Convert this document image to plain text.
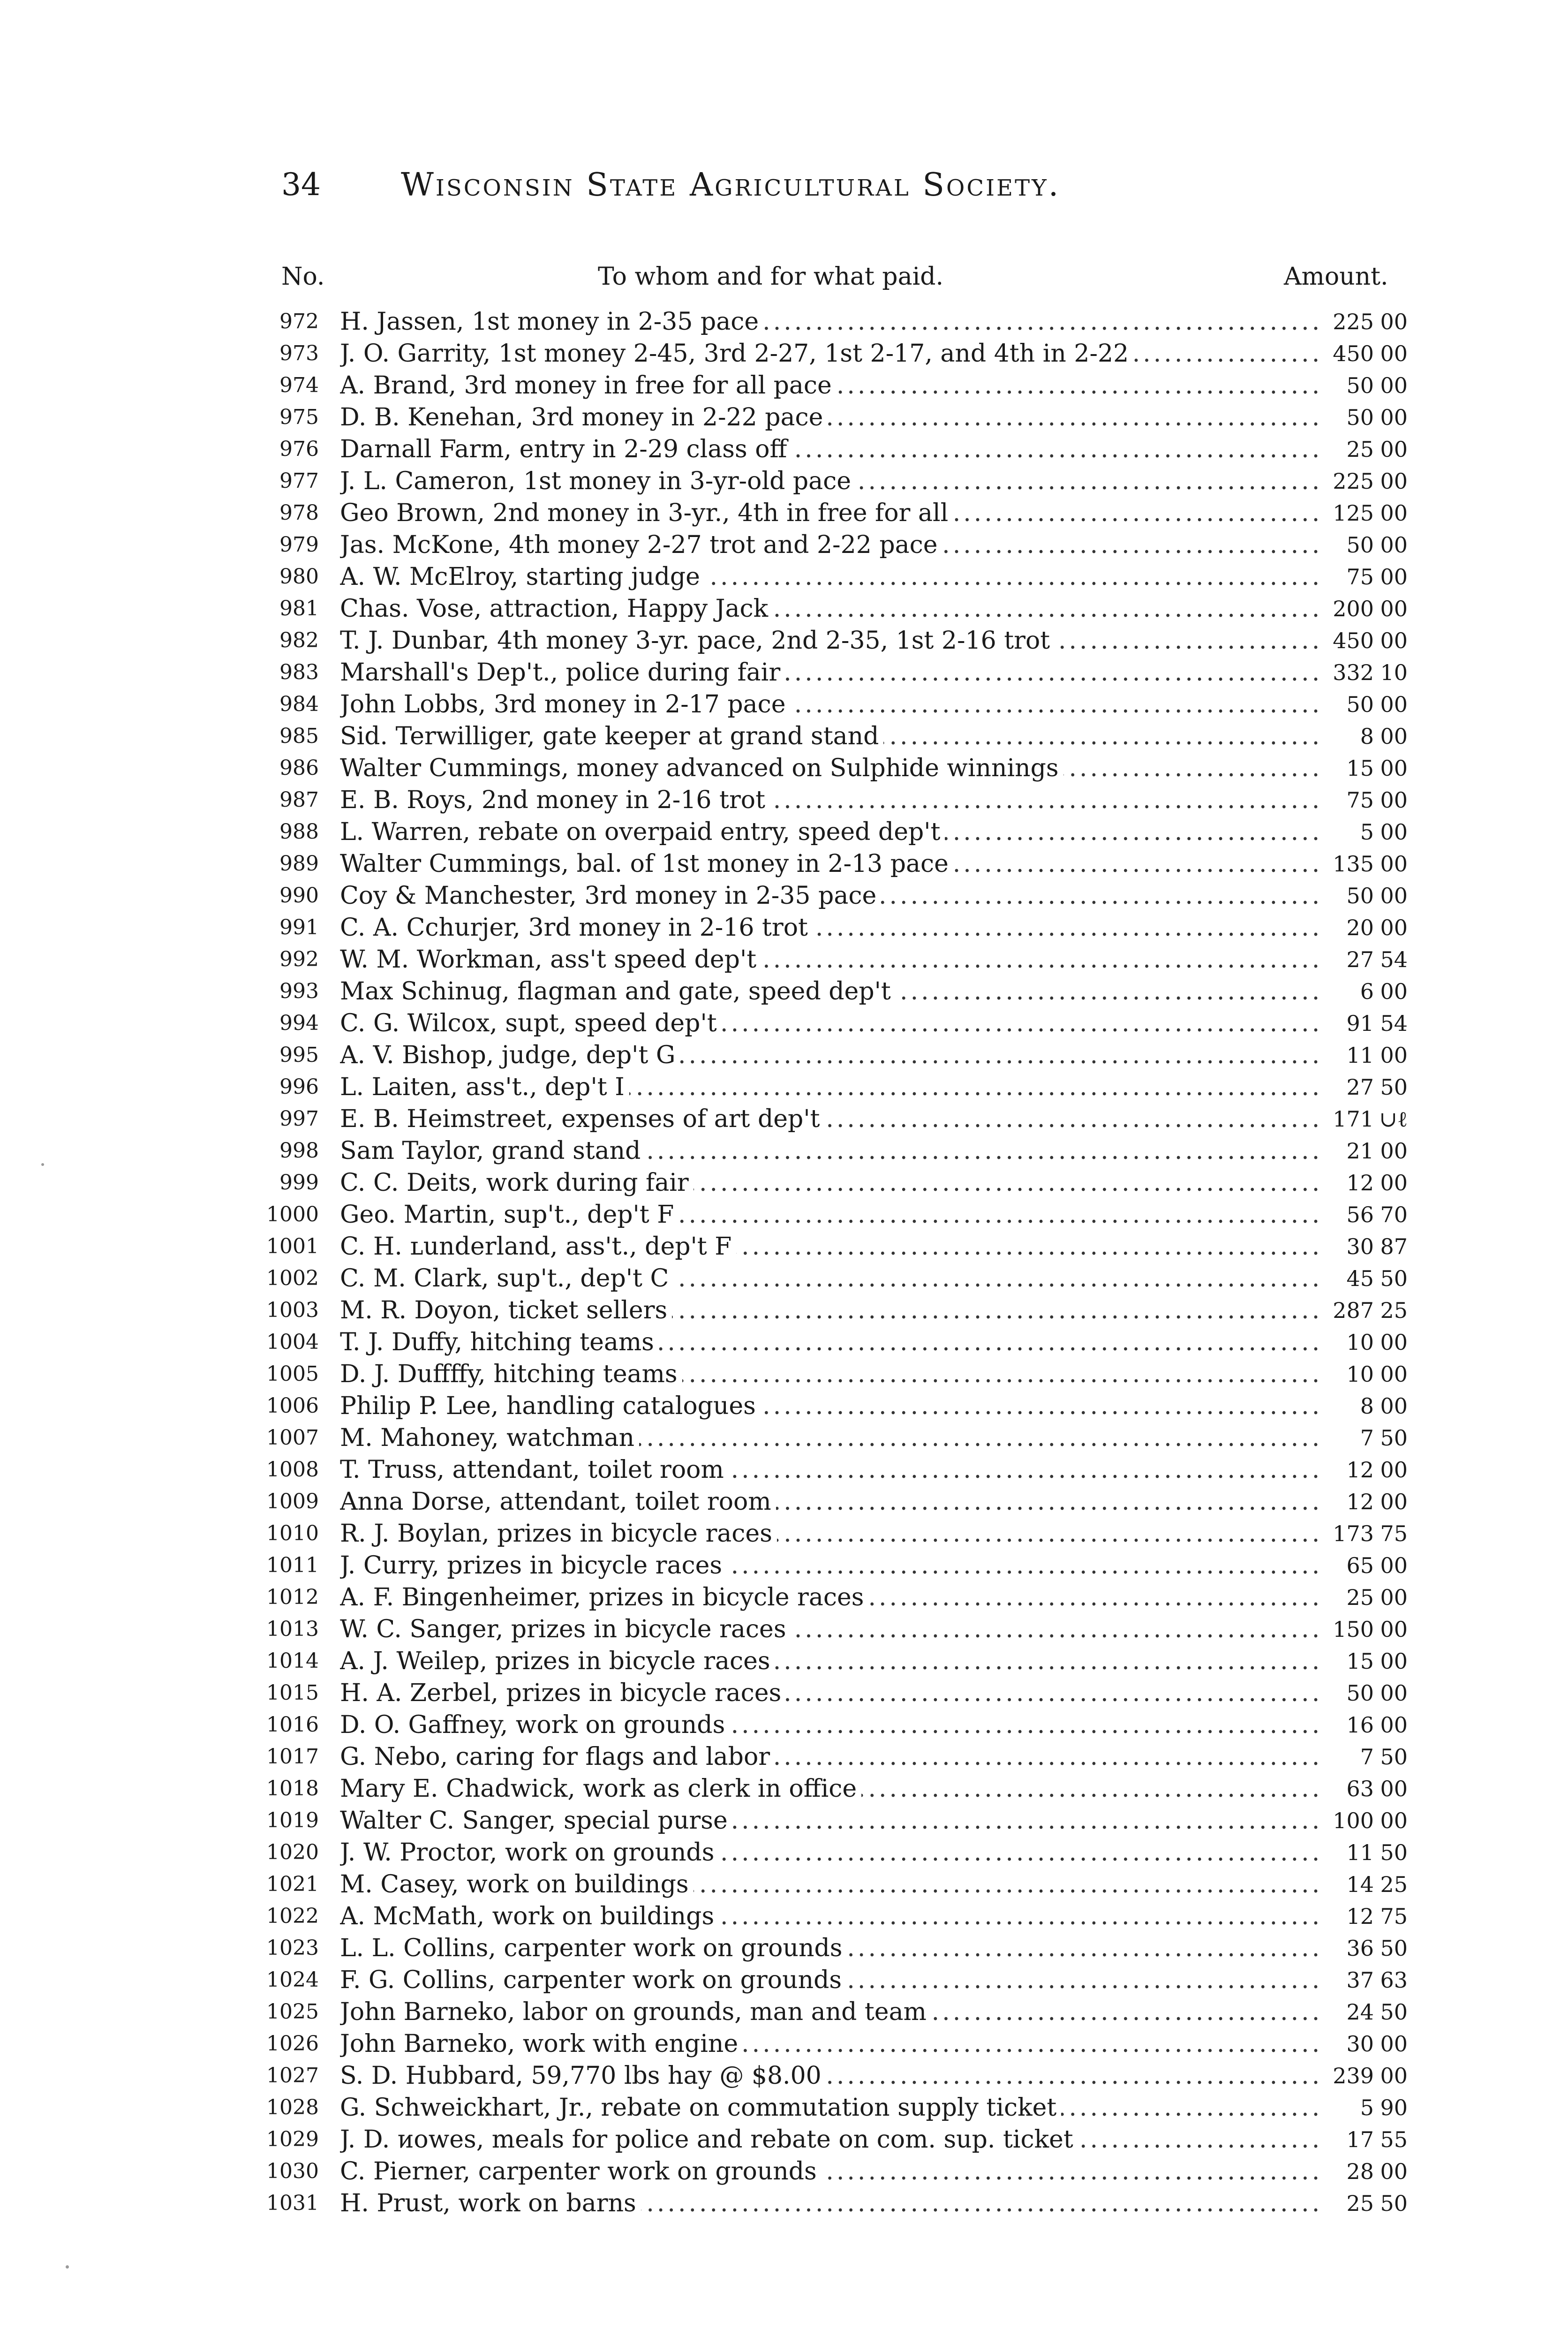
34	Wisconsin State Agricultural Society.
No.	To whom and for what paid.	Amount.
972 H. Jassen, 1st money in 2-35 pace .....	225 00
973 J. O. Garrity, 1st money 2-45, 3rd 2-27, 1st 2-17, and 4th in 2-22 .....	450 00
974 A. Brand, 3rd money in free for all pace .....	50 00
975 D. B. Kenehan, 3rd money in 2-22 pace .....	50 00
976 Darnall Farm, entry in 2-29 class off .....	25 00
977 J. L. Cameron, 1st money in 3-yr-old pace .....	225 00
978 Geo Brown, 2nd money in 3-yr., 4th in free for all .....	125 00
979 Jas. McKone, 4th money 2-27 trot and 2-22 pace .....	50 00
980 A. W. McElroy, starting judge .....	75 00
981 Chas. Vose, attraction, Happy Jack .....	200 00
982 T. J. Dunbar, 4th money 3-yr. pace, 2nd 2-35, 1st 2-16 trot .....	450 00
983 Marshall's Dep't., police during fair .....	332 10
984 John Lobbs, 3rd money in 2-17 pace .....	50 00
985 Sid. Terwilliger, gate keeper at grand stand .....	8 00
986 Walter Cummings, money advanced on Sulphide winnings .....	15 00
987 E. B. Roys, 2nd money in 2-16 trot .....	75 00
988 L. Warren, rebate on overpaid entry, speed dep't .....	5 00
989 Walter Cummings, bal. of 1st money in 2-13 pace .....	135 00
990 Coy & Manchester, 3rd money in 2-35 pace .....	50 00
991 C. A. Cchurjer, 3rd money in 2-16 trot .....	20 00
992 W. M. Workman, ass't speed dep't .....	27 54
993 Max Schinug, flagman and gate, speed dep't .....	6 00
994 C. G. Wilcox, supt, speed dep't .....	91 54
995 A. V. Bishop, judge, dep't G .....	11 00
996 L. Laiten, ass't., dep't I .....	27 50
997 E. B. Heimstreet, expenses of art dep't .....	171 ∪ℓ
998 Sam Taylor, grand stand .....	21 00
999 C. C. Deits, work during fair .....	12 00
1000 Geo. Martin, sup't., dep't F .....	56 70
1001 C. H. ʟunderland, ass't., dep't F .....	30 87
1002 C. M. Clark, sup't., dep't C .....	45 50
1003 M. R. Doyon, ticket sellers .....	287 25
1004 T. J. Duffy, hitching teams .....	10 00
1005 D. J. Duffffy, hitching teams .....	10 00
1006 Philip P. Lee, handling catalogues .....	8 00
1007 M. Mahoney, watchman .....	7 50
1008 T. Truss, attendant, toilet room .....	12 00
1009 Anna Dorse, attendant, toilet room .....	12 00
1010 R. J. Boylan, prizes in bicycle races .....	173 75
1011 J. Curry, prizes in bicycle races .....	65 00
1012 A. F. Bingenheimer, prizes in bicycle races .....	25 00
1013 W. C. Sanger, prizes in bicycle races .....	150 00
1014 A. J. Weilep, prizes in bicycle races .....	15 00
1015 H. A. Zerbel, prizes in bicycle races .....	50 00
1016 D. O. Gaffney, work on grounds .....	16 00
1017 G. Nebo, caring for flags and labor .....	7 50
1018 Mary E. Chadwick, work as clerk in office .....	63 00
1019 Walter C. Sanger, special purse .....	100 00
1020 J. W. Proctor, work on grounds .....	11 50
1021 M. Casey, work on buildings .....	14 25
1022 A. McMath, work on buildings .....	12 75
1023 L. L. Collins, carpenter work on grounds .....	36 50
1024 F. G. Collins, carpenter work on grounds .....	37 63
1025 John Barneko, labor on grounds, man and team .....	24 50
1026 John Barneko, work with engine .....	30 00
1027 S. D. Hubbard, 59,770 lbs hay @ $8.00 .....	239 00
1028 G. Schweickhart, Jr., rebate on commutation supply ticket .....	5 90
1029 J. D. ᴎowes, meals for police and rebate on com. sup. ticket .....	17 55
1030 C. Pierner, carpenter work on grounds .....	28 00
1031 H. Prust, work on barns .....	25 50
